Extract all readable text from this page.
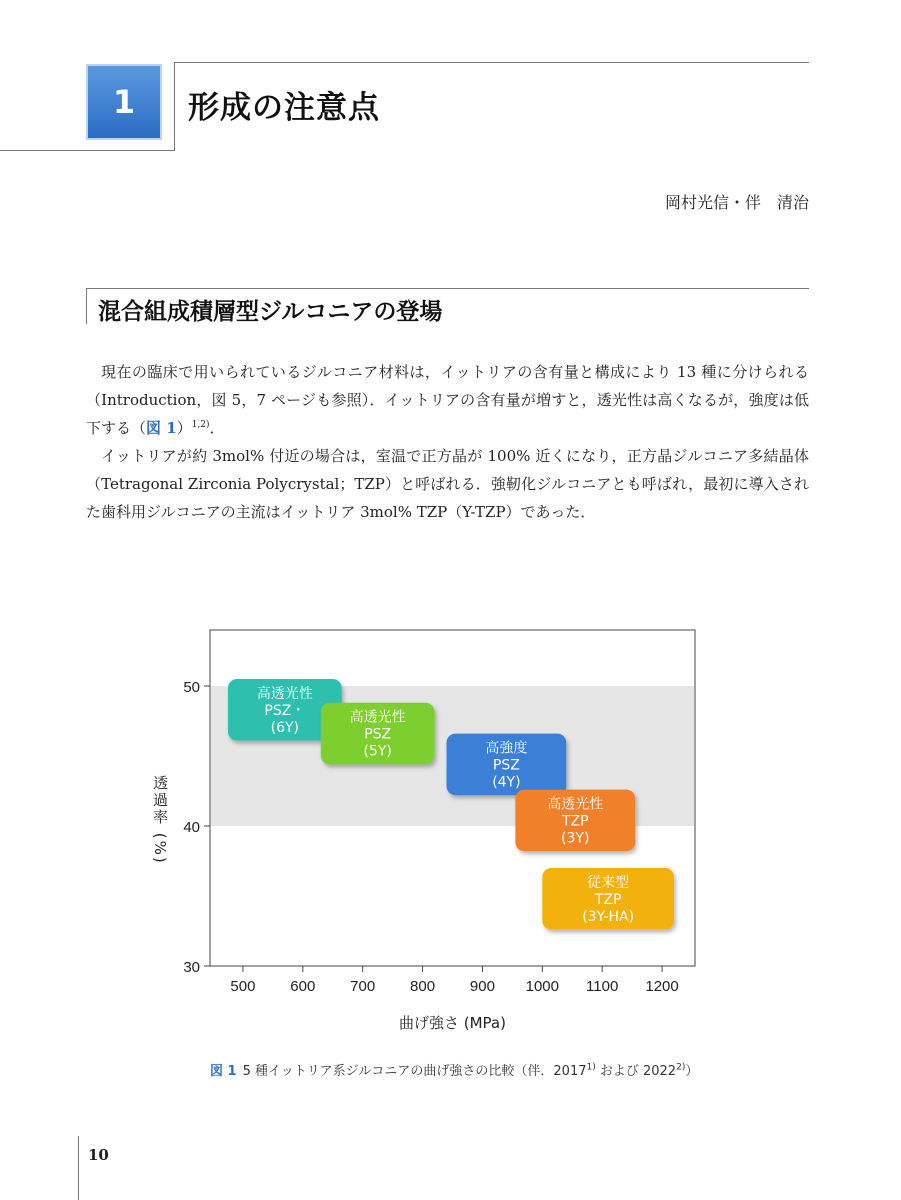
1	形成の注意点
岡村光信・伴　清治
混合組成積層型ジルコニアの登場

現在の臨床で用いられているジルコニア材料は，イットリアの含有量と構成により 13 種に分けられる（Introduction，図 5，7 ページも参照）．イットリアの含有量が増すと，透光性は高くなるが，強度は低下する（図 1）$^{1,2)}$．

イットリアが約 3mol% 付近の場合は，室温で正方晶が 100% 近くになり，正方晶ジルコニア多結晶体（Tetragonal Zirconia Polycrystal；TZP）と呼ばれる．強靭化ジルコニアとも呼ばれ，最初に導入された歯科用ジルコニアの主流はイットリア 3mol% TZP（Y-TZP）であった．

30
40
50
500 600 700 800 900 1000 1100 1200
曲げ強さ (MPa)
透過率 (%)
高透光性
PSZ・
(6Y)
高透光性
PSZ
(5Y)	高強度
PSZ
(4Y)
高透光性
TZP
(3Y)
従来型
TZP
(3Y-HA)
図 1 5 種イットリア系ジルコニアの曲げ強さの比較（伴．2017$^{1)}$ および 2022$^{2)}$）
10
